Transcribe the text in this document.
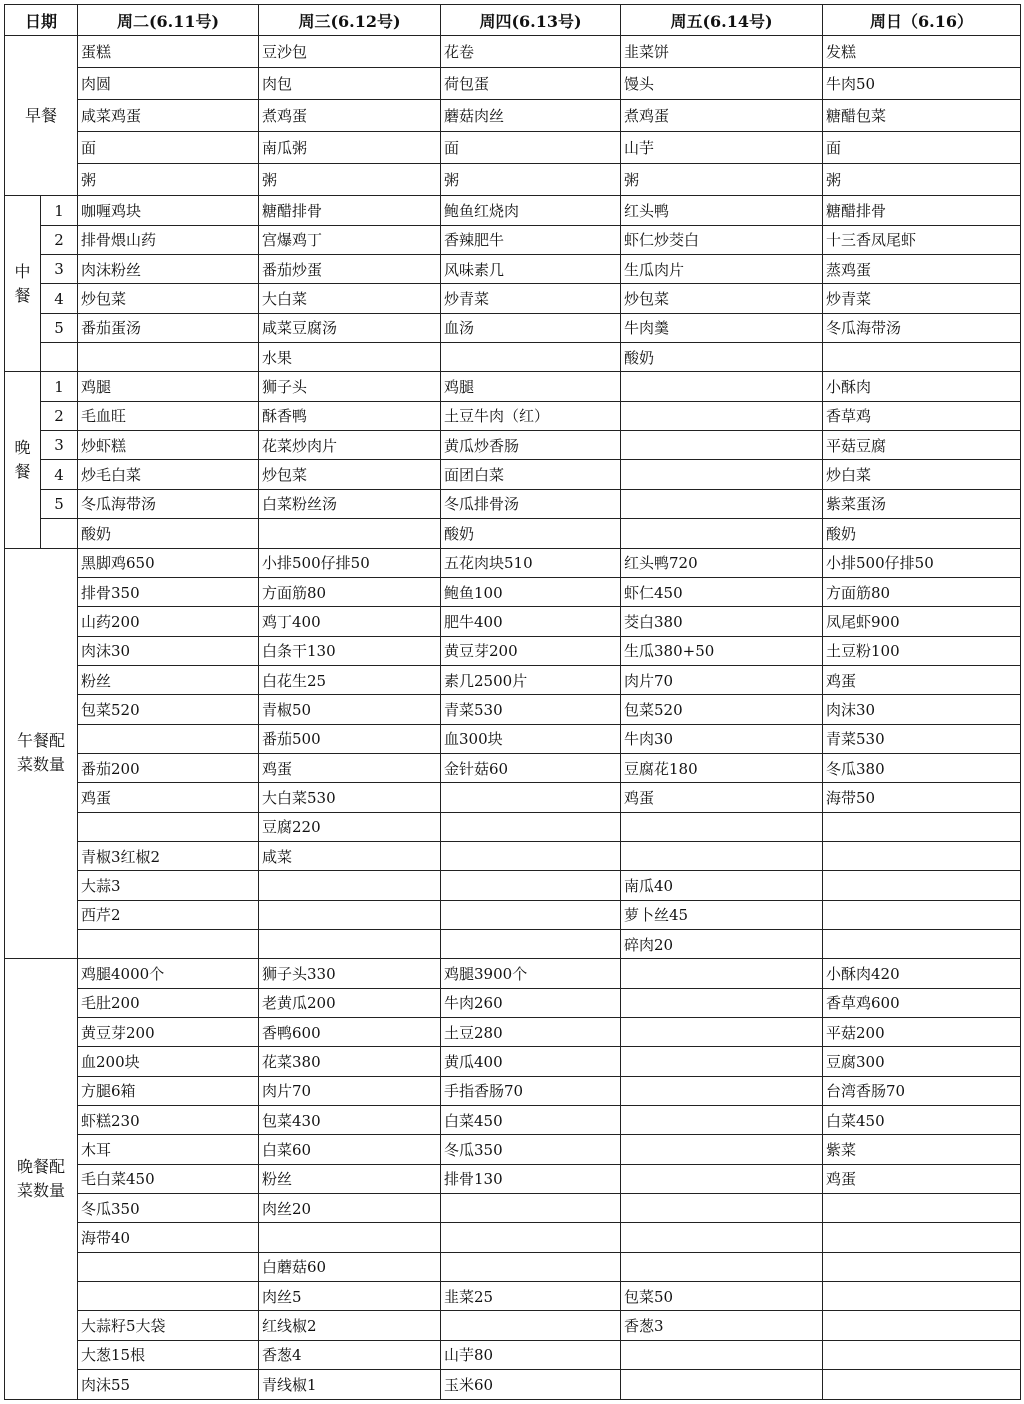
日期		周二(6.11号)	周三(6.12号)	周四(6.13号)	周五(6.14号)	周日（6.16）
早餐		蛋糕	豆沙包	花卷	韭菜饼	发糕
		肉圆	肉包	荷包蛋	馒头	牛肉50
		咸菜鸡蛋	煮鸡蛋	蘑菇肉丝	煮鸡蛋	糖醋包菜
		面	南瓜粥	面	山芋	面
		粥	粥	粥	粥	粥
中餐	1	咖喱鸡块	糖醋排骨	鲍鱼红烧肉	红头鸭	糖醋排骨
	2	排骨煨山药	宫爆鸡丁	香辣肥牛	虾仁炒茭白	十三香凤尾虾
	3	肉沫粉丝	番茄炒蛋	风味素几	生瓜肉片	蒸鸡蛋
	4	炒包菜	大白菜	炒青菜	炒包菜	炒青菜
	5	番茄蛋汤	咸菜豆腐汤	血汤	牛肉羹	冬瓜海带汤
			水果		酸奶	
晚餐	1	鸡腿	狮子头	鸡腿		小酥肉
	2	毛血旺	酥香鸭	土豆牛肉（红）		香草鸡
	3	炒虾糕	花菜炒肉片	黄瓜炒香肠		平菇豆腐
	4	炒毛白菜	炒包菜	面团白菜		炒白菜
	5	冬瓜海带汤	白菜粉丝汤	冬瓜排骨汤		紫菜蛋汤
		酸奶		酸奶		酸奶
午餐配菜数量		黑脚鸡650	小排500仔排50	五花肉块510	红头鸭720	小排500仔排50
		排骨350	方面筋80	鲍鱼100	虾仁450	方面筋80
		山药200	鸡丁400	肥牛400	茭白380	凤尾虾900
		肉沫30	白条干130	黄豆芽200	生瓜380+50	土豆粉100
		粉丝	白花生25	素几2500片	肉片70	鸡蛋
		包菜520	青椒50	青菜530	包菜520	肉沫30
			番茄500	血300块	牛肉30	青菜530
		番茄200	鸡蛋	金针菇60	豆腐花180	冬瓜380
		鸡蛋	大白菜530		鸡蛋	海带50
			豆腐220			
		青椒3红椒2	咸菜			
		大蒜3			南瓜40	
		西芹2			萝卜丝45	
					碎肉20	
晚餐配菜数量		鸡腿4000个	狮子头330	鸡腿3900个		小酥肉420
		毛肚200	老黄瓜200	牛肉260		香草鸡600
		黄豆芽200	香鸭600	土豆280		平菇200
		血200块	花菜380	黄瓜400		豆腐300
		方腿6箱	肉片70	手指香肠70		台湾香肠70
		虾糕230	包菜430	白菜450		白菜450
		木耳	白菜60	冬瓜350		紫菜
		毛白菜450	粉丝	排骨130		鸡蛋
		冬瓜350	肉丝20			
		海带40				
			白蘑菇60			
			肉丝5	韭菜25	包菜50	
		大蒜籽5大袋	红线椒2		香葱3	
		大葱15根	香葱4	山芋80		
		肉沫55	青线椒1	玉米60		
